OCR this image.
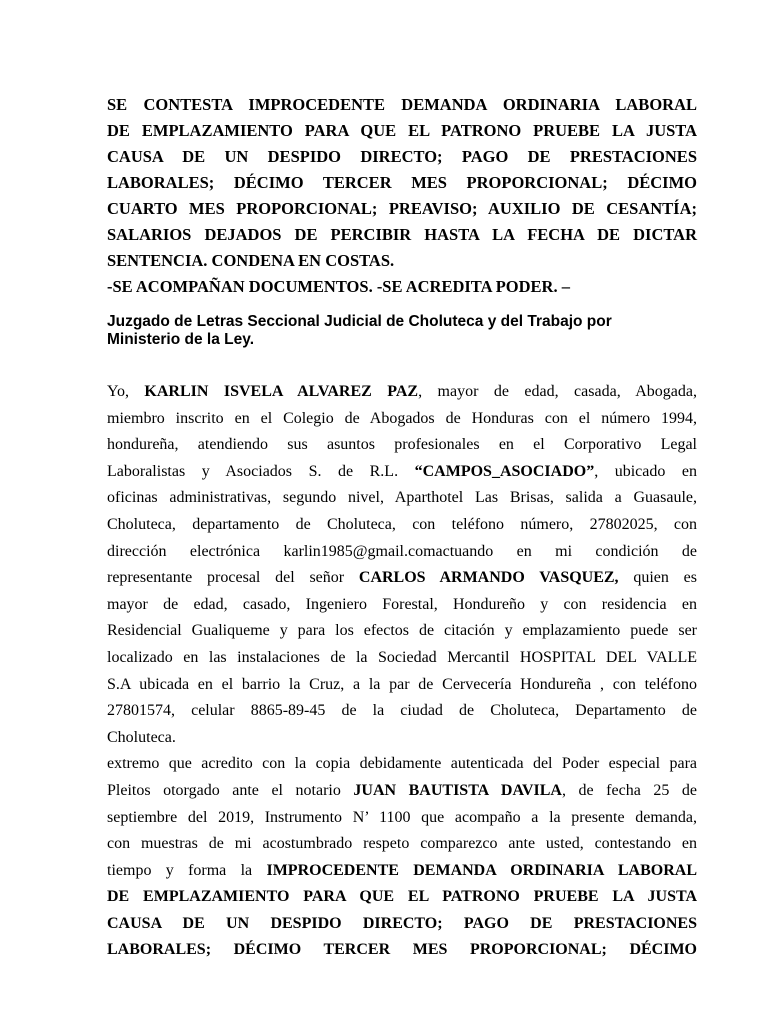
SE CONTESTA IMPROCEDENTE DEMANDA ORDINARIA LABORAL
DE EMPLAZAMIENTO PARA QUE EL PATRONO PRUEBE LA JUSTA
CAUSA DE UN DESPIDO DIRECTO; PAGO DE PRESTACIONES
LABORALES; DÉCIMO TERCER MES PROPORCIONAL; DÉCIMO
CUARTO MES PROPORCIONAL; PREAVISO; AUXILIO DE CESANTÍA;
SALARIOS DEJADOS DE PERCIBIR HASTA LA FECHA DE DICTAR
SENTENCIA. CONDENA EN COSTAS.
-SE ACOMPAÑAN DOCUMENTOS. -SE ACREDITA PODER. –
Juzgado de Letras Seccional Judicial de Choluteca y del Trabajo por
Ministerio de la Ley.
Yo, KARLIN ISVELA ALVAREZ PAZ, mayor de edad, casada, Abogada,
miembro inscrito en el Colegio de Abogados de Honduras con el número 1994,
hondureña, atendiendo sus asuntos profesionales en el Corporativo Legal
Laboralistas y Asociados S. de R.L. “CAMPOS_ASOCIADO”, ubicado en
oficinas administrativas, segundo nivel, Aparthotel Las Brisas, salida a Guasaule,
Choluteca, departamento de Choluteca, con teléfono número, 27802025, con
dirección electrónica karlin1985@gmail.comactuando en mi condición de
representante procesal del señor CARLOS ARMANDO VASQUEZ, quien es
mayor de edad, casado, Ingeniero Forestal, Hondureño y con residencia en
Residencial Gualiqueme y para los efectos de citación y emplazamiento puede ser
localizado en las instalaciones de la Sociedad Mercantil HOSPITAL DEL VALLE
S.A ubicada en el barrio la Cruz, a la par de Cervecería Hondureña , con teléfono
27801574, celular 8865-89-45 de la ciudad de Choluteca, Departamento de
Choluteca.
extremo que acredito con la copia debidamente autenticada del Poder especial para
Pleitos otorgado ante el notario JUAN BAUTISTA DAVILA, de fecha 25 de
septiembre del 2019, Instrumento N’ 1100 que acompaño a la presente demanda,
con muestras de mi acostumbrado respeto comparezco ante usted, contestando en
tiempo y forma la IMPROCEDENTE DEMANDA ORDINARIA LABORAL
DE EMPLAZAMIENTO PARA QUE EL PATRONO PRUEBE LA JUSTA
CAUSA DE UN DESPIDO DIRECTO; PAGO DE PRESTACIONES
LABORALES; DÉCIMO TERCER MES PROPORCIONAL; DÉCIMO
